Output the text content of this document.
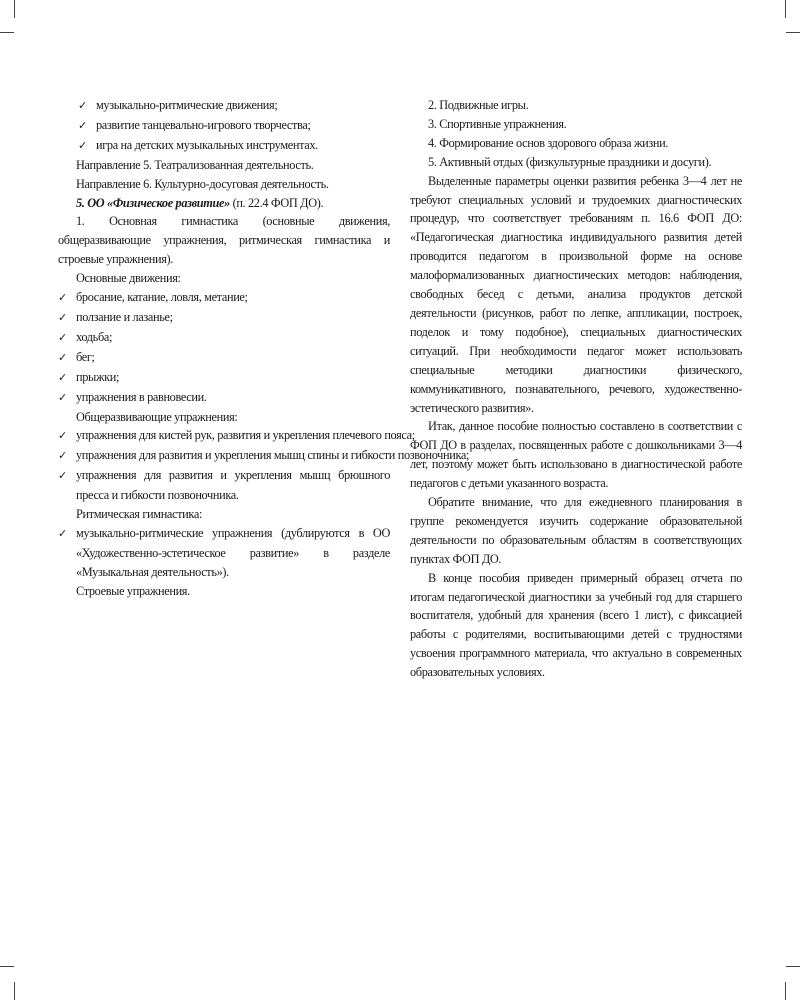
✓ музыкально-ритмические движения;
✓ развитие танцевально-игрового творчества;
✓ игра на детских музыкальных инструментах.
Направление 5. Театрализованная деятельность.
Направление 6. Культурно-досуговая деятельность.
5. ОО «Физическое развитие» (п. 22.4 ФОП ДО).

1. Основная гимнастика (основные движения, общеразвивающие упражнения, ритмическая гимнастика и строевые упражнения).

Основные движения:
✓ бросание, катание, ловля, метание;
✓ ползание и лазанье;
✓ ходьба;
✓ бег;
✓ прыжки;
✓ упражнения в равновесии.
Общеразвивающие упражнения:
✓ упражнения для кистей рук, развития и укрепления плечевого пояса;
✓ упражнения для развития и укрепления мышц спины и гибкости позвоночника;

✓ упражнения для развития и укрепления мышц брюшного пресса и гибкости позвоночника.

Ритмическая гимнастика:

✓ музыкально-ритмические упражнения (дублируются в ОО «Художественно-эстетическое развитие» в разделе «Музыкальная деятельность»).

Строевые упражнения.
2. Подвижные игры.
3. Спортивные упражнения.
4. Формирование основ здорового образа жизни.
5. Активный отдых (физкультурные праздники и досуги).

Выделенные параметры оценки развития ребенка 3—4 лет не требуют специальных условий и трудоемких диагностических процедур, что соответствует требованиям п. 16.6 ФОП ДО: «Педагогическая диагностика индивидуального развития детей проводится педагогом в произвольной форме на основе малоформализованных диагностических методов: наблюдения, свободных бесед с детьми, анализа продуктов детской деятельности (рисунков, работ по лепке, аппликации, построек, поделок и тому подобное), специальных диагностических ситуаций. При необходимости педагог может использовать специальные методики диагностики физического, коммуникативного, познавательного, речевого, художественно-эстетического развития».

Итак, данное пособие полностью составлено в соответствии с ФОП ДО в разделах, посвященных работе с дошкольниками 3—4 лет, поэтому может быть использовано в диагностической работе педагогов с детьми указанного возраста.

Обратите внимание, что для ежедневного планирования в группе рекомендуется изучить содержание образовательной деятельности по образовательным областям в соответствующих пунктах ФОП ДО.

В конце пособия приведен примерный образец отчета по итогам педагогической диагностики за учебный год для старшего воспитателя, удобный для хранения (всего 1 лист), с фиксацией работы с родителями, воспитывающими детей с трудностями усвоения программного материала, что актуально в современных образовательных условиях.
